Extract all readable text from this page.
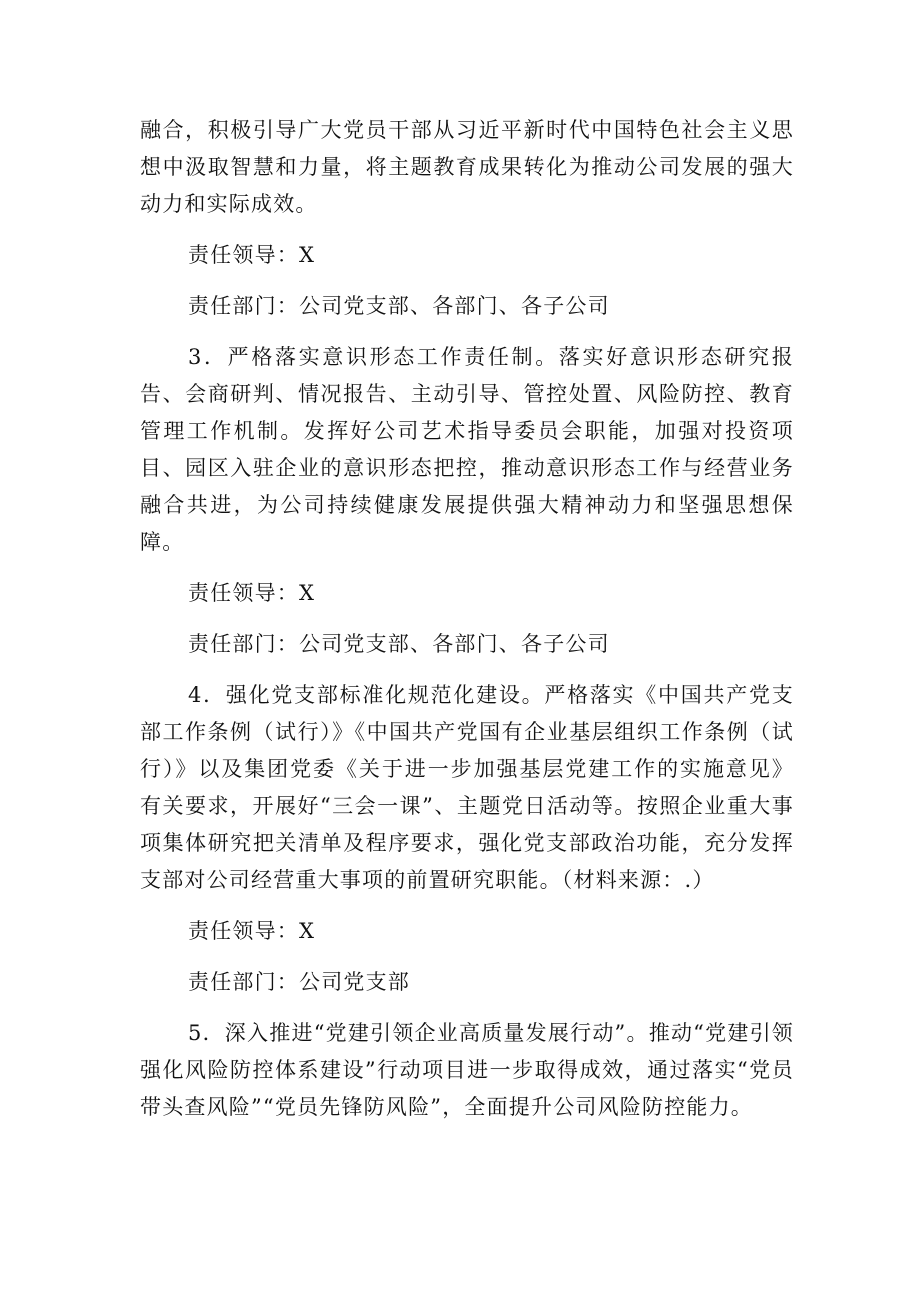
融合，积极引导广大党员干部从习近平新时代中国特色社会主义思想中汲取智慧和力量，将主题教育成果转化为推动公司发展的强大动力和实际成效。

责任领导：X

责任部门：公司党支部、各部门、各子公司

3．严格落实意识形态工作责任制。落实好意识形态研究报告、会商研判、情况报告、主动引导、管控处置、风险防控、教育管理工作机制。发挥好公司艺术指导委员会职能，加强对投资项目、园区入驻企业的意识形态把控，推动意识形态工作与经营业务融合共进，为公司持续健康发展提供强大精神动力和坚强思想保障。

责任领导：X

责任部门：公司党支部、各部门、各子公司

4．强化党支部标准化规范化建设。严格落实《中国共产党支部工作条例（试行）》《中国共产党国有企业基层组织工作条例（试行）》以及集团党委《关于进一步加强基层党建工作的实施意见》有关要求，开展好“三会一课”、主题党日活动等。按照企业重大事项集体研究把关清单及程序要求，强化党支部政治功能，充分发挥支部对公司经营重大事项的前置研究职能。（材料来源：.）

责任领导：X

责任部门：公司党支部

5．深入推进“党建引领企业高质量发展行动”。推动“党建引领强化风险防控体系建设”行动项目进一步取得成效，通过落实“党员带头查风险”“党员先锋防风险”，全面提升公司风险防控能力。
